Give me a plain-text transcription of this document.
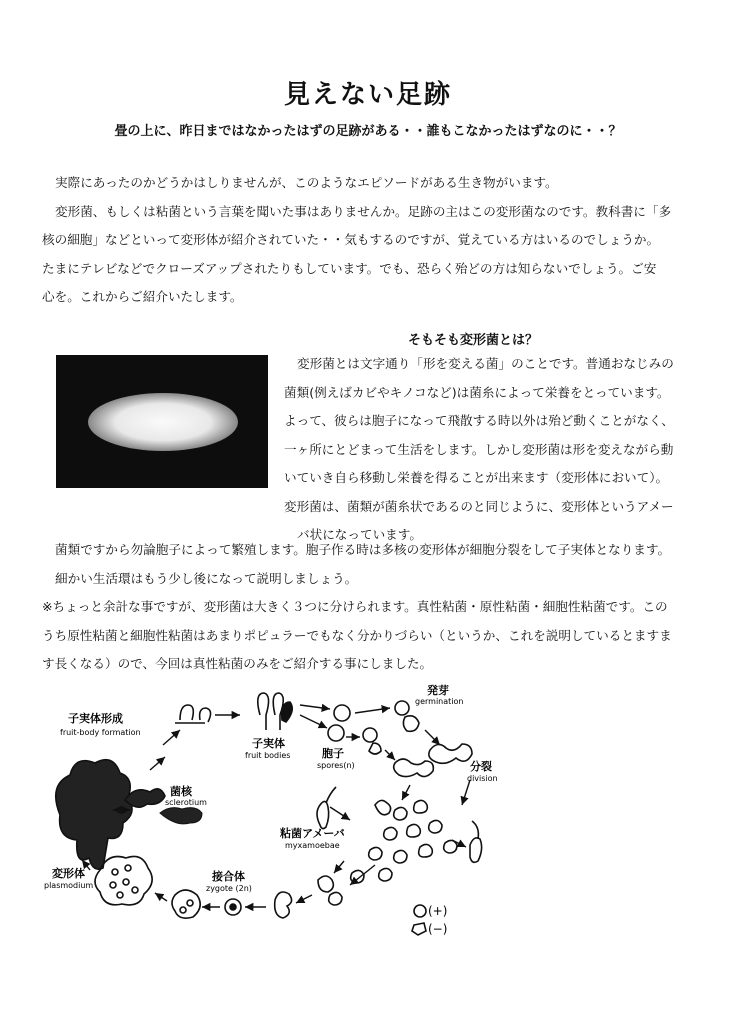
見えない足跡
畳の上に、昨日まではなかったはずの足跡がある・・誰もこなかったはずなのに・・？
実際にあったのかどうかはしりませんが、このようなエピソードがある生き物がいます。
変形菌、もしくは粘菌という言葉を聞いた事はありませんか。足跡の主はこの変形菌なのです。教科書に「多
核の細胞」などといって変形体が紹介されていた・・気もするのですが、覚えている方はいるのでしょうか。
たまにテレビなどでクローズアップされたりもしています。でも、恐らく殆どの方は知らないでしょう。ご安
心を。これからご紹介いたします。
そもそも変形菌とは？
変形菌とは文字通り「形を変える菌」のことです。普通おなじみの
菌類(例えばカビやキノコなど)は菌糸によって栄養をとっています。
よって、彼らは胞子になって飛散する時以外は殆ど動くことがなく、
一ヶ所にとどまって生活をします。しかし変形菌は形を変えながら動
いていき自ら移動し栄養を得ることが出来ます（変形体において）。
変形菌は、菌類が菌糸状であるのと同じように、変形体というアメー
バ状になっています。
菌類ですから勿論胞子によって繁殖します。胞子作る時は多核の変形体が細胞分裂をして子実体となります。
細かい生活環はもう少し後になって説明しましょう。
※ちょっと余計な事ですが、変形菌は大きく３つに分けられます。真性粘菌・原性粘菌・細胞性粘菌です。この
うち原性粘菌と細胞性粘菌はあまりポピュラーでもなく分かりづらい（というか、これを説明しているとますま
す長くなる）ので、今回は真性粘菌のみをご紹介する事にしました。
子実体形成
fruit-body formation
子実体
fruit bodies	胞子
spores(n)
発芽
germination
分裂
division
菌核
sclerotium
粘菌アメーバ
myxamoebae
変形体
plasmodium
接合体
zygote (2n)
(+)
(−)
